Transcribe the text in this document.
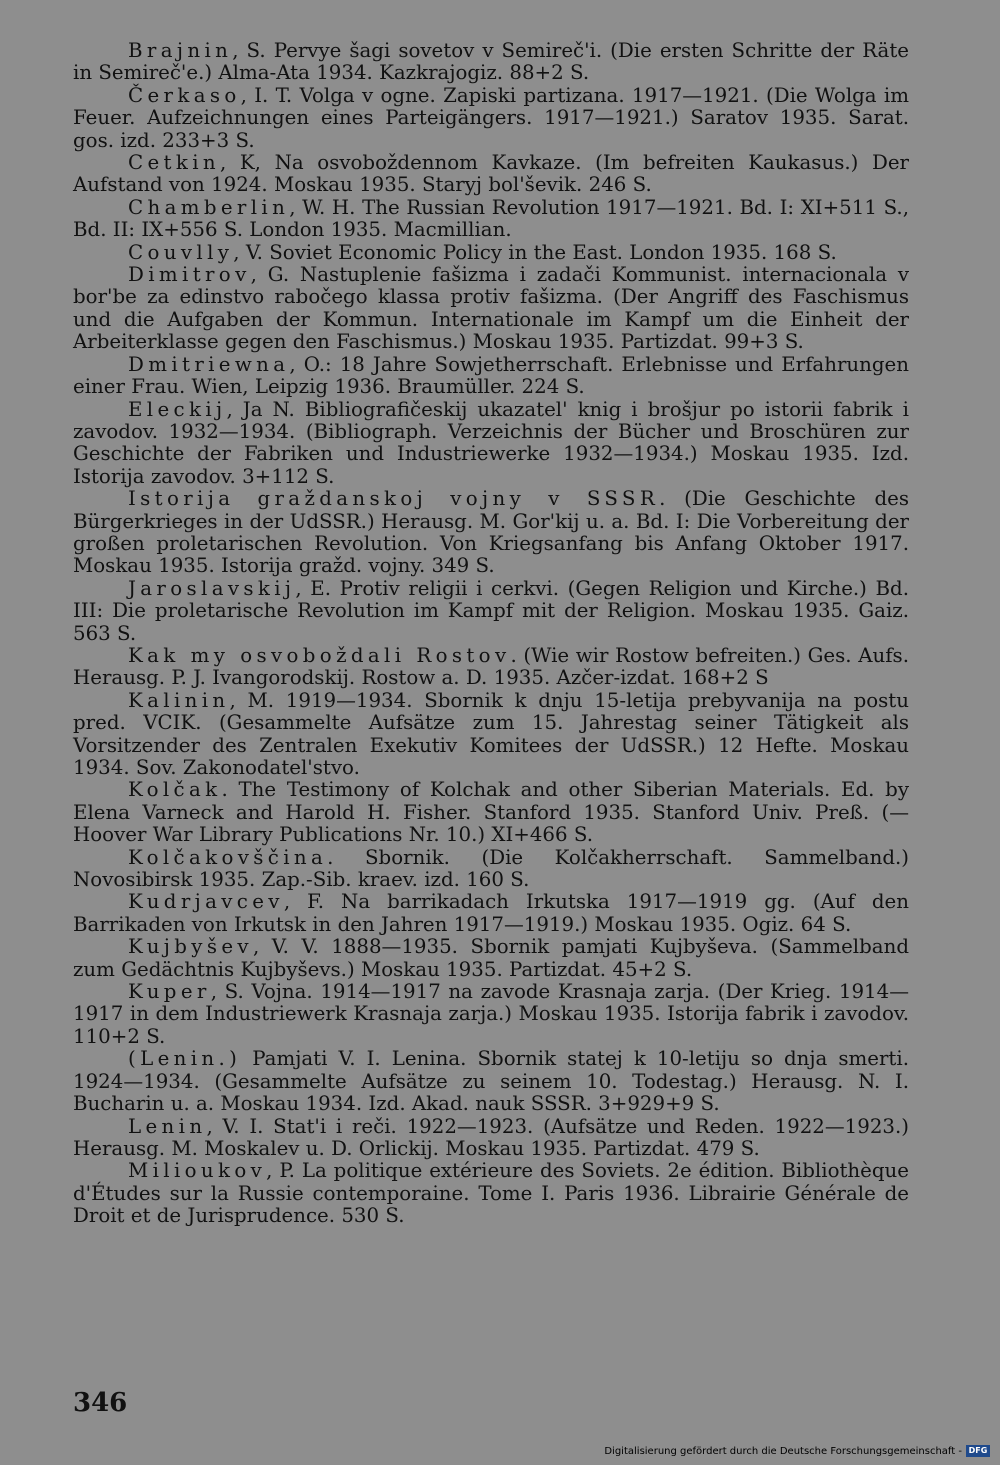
Brajnin, S. Pervye šagi sovetov v Semireč'i. (Die ersten Schritte der Räte in Semireč'e.) Alma-Ata 1934. Kazkrajogiz. 88+2 S.

Čerkaso, I. T. Volga v ogne. Zapiski partizana. 1917—1921. (Die Wolga im Feuer. Aufzeichnungen eines Parteigängers. 1917—1921.) Saratov 1935. Sarat. gos. izd. 233+3 S.

Cetkin, K, Na osvoboždennom Kavkaze. (Im befreiten Kaukasus.) Der Aufstand von 1924. Moskau 1935. Staryj bol'ševik. 246 S.

Chamberlin, W. H. The Russian Revolution 1917—1921. Bd. I: XI+511 S., Bd. II: IX+556 S. London 1935. Macmillian.

Couvlly, V. Soviet Economic Policy in the East. London 1935. 168 S.

Dimitrov, G. Nastuplenie fašizma i zadači Kommunist. internacionala v bor'be za edinstvo rabočego klassa protiv fašizma. (Der Angriff des Faschismus und die Aufgaben der Kommun. Internationale im Kampf um die Einheit der Arbeiterklasse gegen den Faschismus.) Moskau 1935. Partizdat. 99+3 S.

Dmitriewna, O.: 18 Jahre Sowjetherrschaft. Erlebnisse und Erfahrungen einer Frau. Wien, Leipzig 1936. Braumüller. 224 S.

Eleckij, Ja N. Bibliografičeskij ukazatel' knig i brošjur po istorii fabrik i zavodov. 1932—1934. (Bibliograph. Verzeichnis der Bücher und Broschüren zur Geschichte der Fabriken und Industriewerke 1932—1934.) Moskau 1935. Izd. Istorija zavodov. 3+112 S.

Istorija graždanskoj vojny v SSSR. (Die Geschichte des Bürgerkrieges in der UdSSR.) Herausg. M. Gor'kij u. a. Bd. I: Die Vorbereitung der großen proletarischen Revolution. Von Kriegsanfang bis Anfang Oktober 1917. Moskau 1935. Istorija gražd. vojny. 349 S.

Jaroslavskij, E. Protiv religii i cerkvi. (Gegen Religion und Kirche.) Bd. III: Die proletarische Revolution im Kampf mit der Religion. Moskau 1935. Gaiz. 563 S.

Kak my osvoboždali Rostov. (Wie wir Rostow befreiten.) Ges. Aufs. Herausg. P. J. Ivangorodskij. Rostow a. D. 1935. Azčer-izdat. 168+2 S

Kalinin, M. 1919—1934. Sbornik k dnju 15-letija prebyvanija na postu pred. VCIK. (Gesammelte Aufsätze zum 15. Jahrestag seiner Tätigkeit als Vorsitzender des Zentralen Exekutiv Komitees der UdSSR.) 12 Hefte. Moskau 1934. Sov. Zakonodatel'stvo.

Kolčak. The Testimony of Kolchak and other Siberian Materials. Ed. by Elena Varneck and Harold H. Fisher. Stanford 1935. Stanford Univ. Preß. (— Hoover War Library Publications Nr. 10.) XI+466 S.

Kolčakovščina. Sbornik. (Die Kolčakherrschaft. Sammelband.) Novosibirsk 1935. Zap.-Sib. kraev. izd. 160 S.

Kudrjavcev, F. Na barrikadach Irkutska 1917—1919 gg. (Auf den Barrikaden von Irkutsk in den Jahren 1917—1919.) Moskau 1935. Ogiz. 64 S.

Kujbyšev, V. V. 1888—1935. Sbornik pamjati Kujbyševa. (Sammelband zum Gedächtnis Kujbyševs.) Moskau 1935. Partizdat. 45+2 S.

Kuper, S. Vojna. 1914—1917 na zavode Krasnaja zarja. (Der Krieg. 1914—1917 in dem Industriewerk Krasnaja zarja.) Moskau 1935. Istorija fabrik i zavodov. 110+2 S.

(Lenin.) Pamjati V. I. Lenina. Sbornik statej k 10-letiju so dnja smerti. 1924—1934. (Gesammelte Aufsätze zu seinem 10. Todestag.) Herausg. N. I. Bucharin u. a. Moskau 1934. Izd. Akad. nauk SSSR. 3+929+9 S.

Lenin, V. I. Stat'i i reči. 1922—1923. (Aufsätze und Reden. 1922—1923.) Herausg. M. Moskalev u. D. Orlickij. Moskau 1935. Partizdat. 479 S.

Milioukov, P. La politique extérieure des Soviets. 2e édition. Bibliothèque d'Études sur la Russie contemporaine. Tome I. Paris 1936. Librairie Générale de Droit et de Jurisprudence. 530 S.

346
Digitalisierung gefördert durch die Deutsche Forschungsgemeinschaft - DFG
